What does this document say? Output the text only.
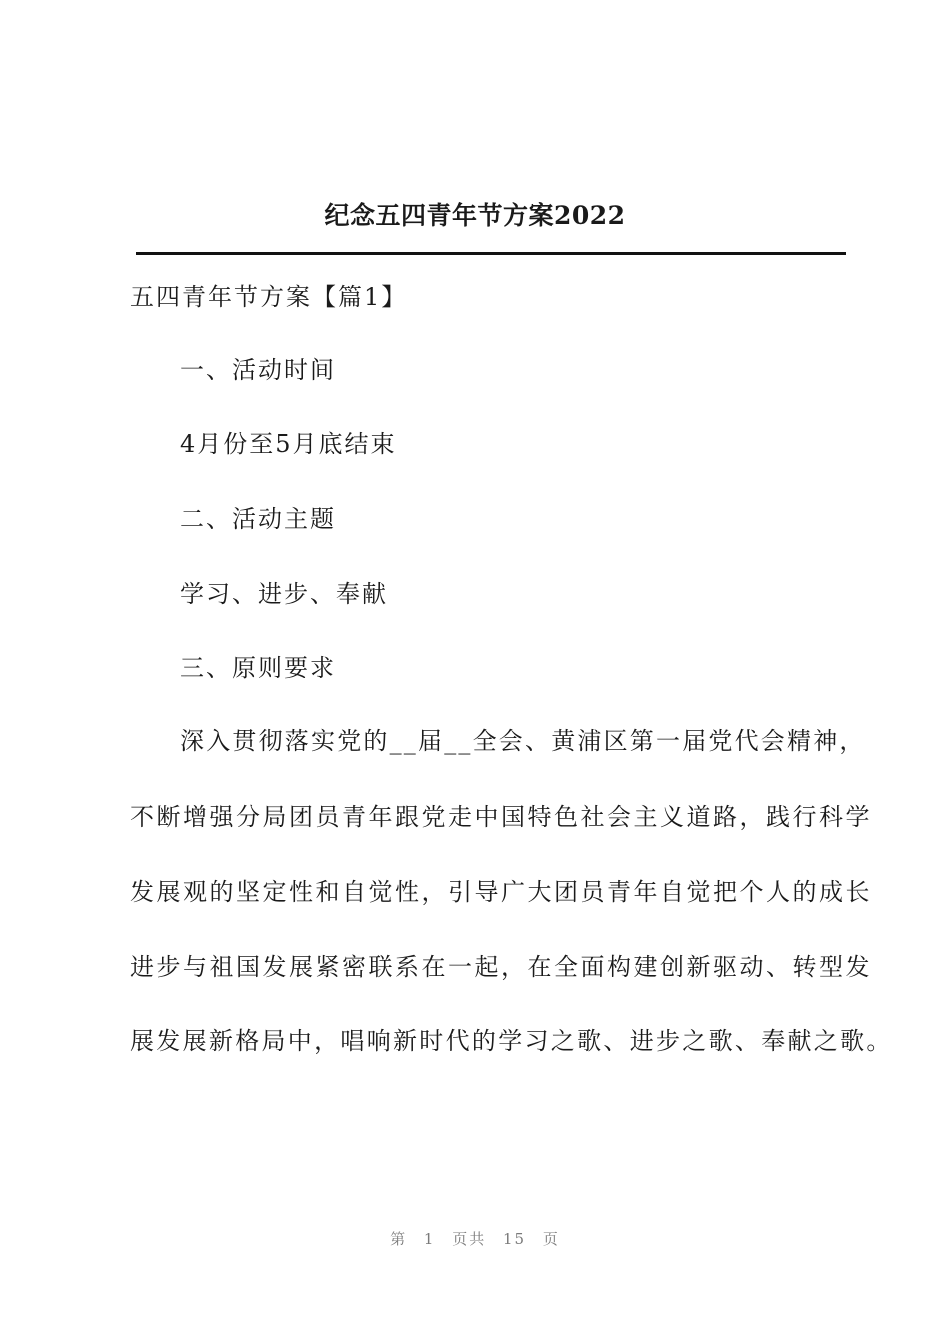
纪念五四青年节方案2022
五四青年节方案【篇1】
一、活动时间
4月份至5月底结束
二、活动主题
学习、进步、奉献
三、原则要求
深入贯彻落实党的__届__全会、黄浦区第一届党代会精神，
不断增强分局团员青年跟党走中国特色社会主义道路，践行科学
发展观的坚定性和自觉性，引导广大团员青年自觉把个人的成长
进步与祖国发展紧密联系在一起，在全面构建创新驱动、转型发
展发展新格局中，唱响新时代的学习之歌、进步之歌、奉献之歌。
第 1 页共 15 页
